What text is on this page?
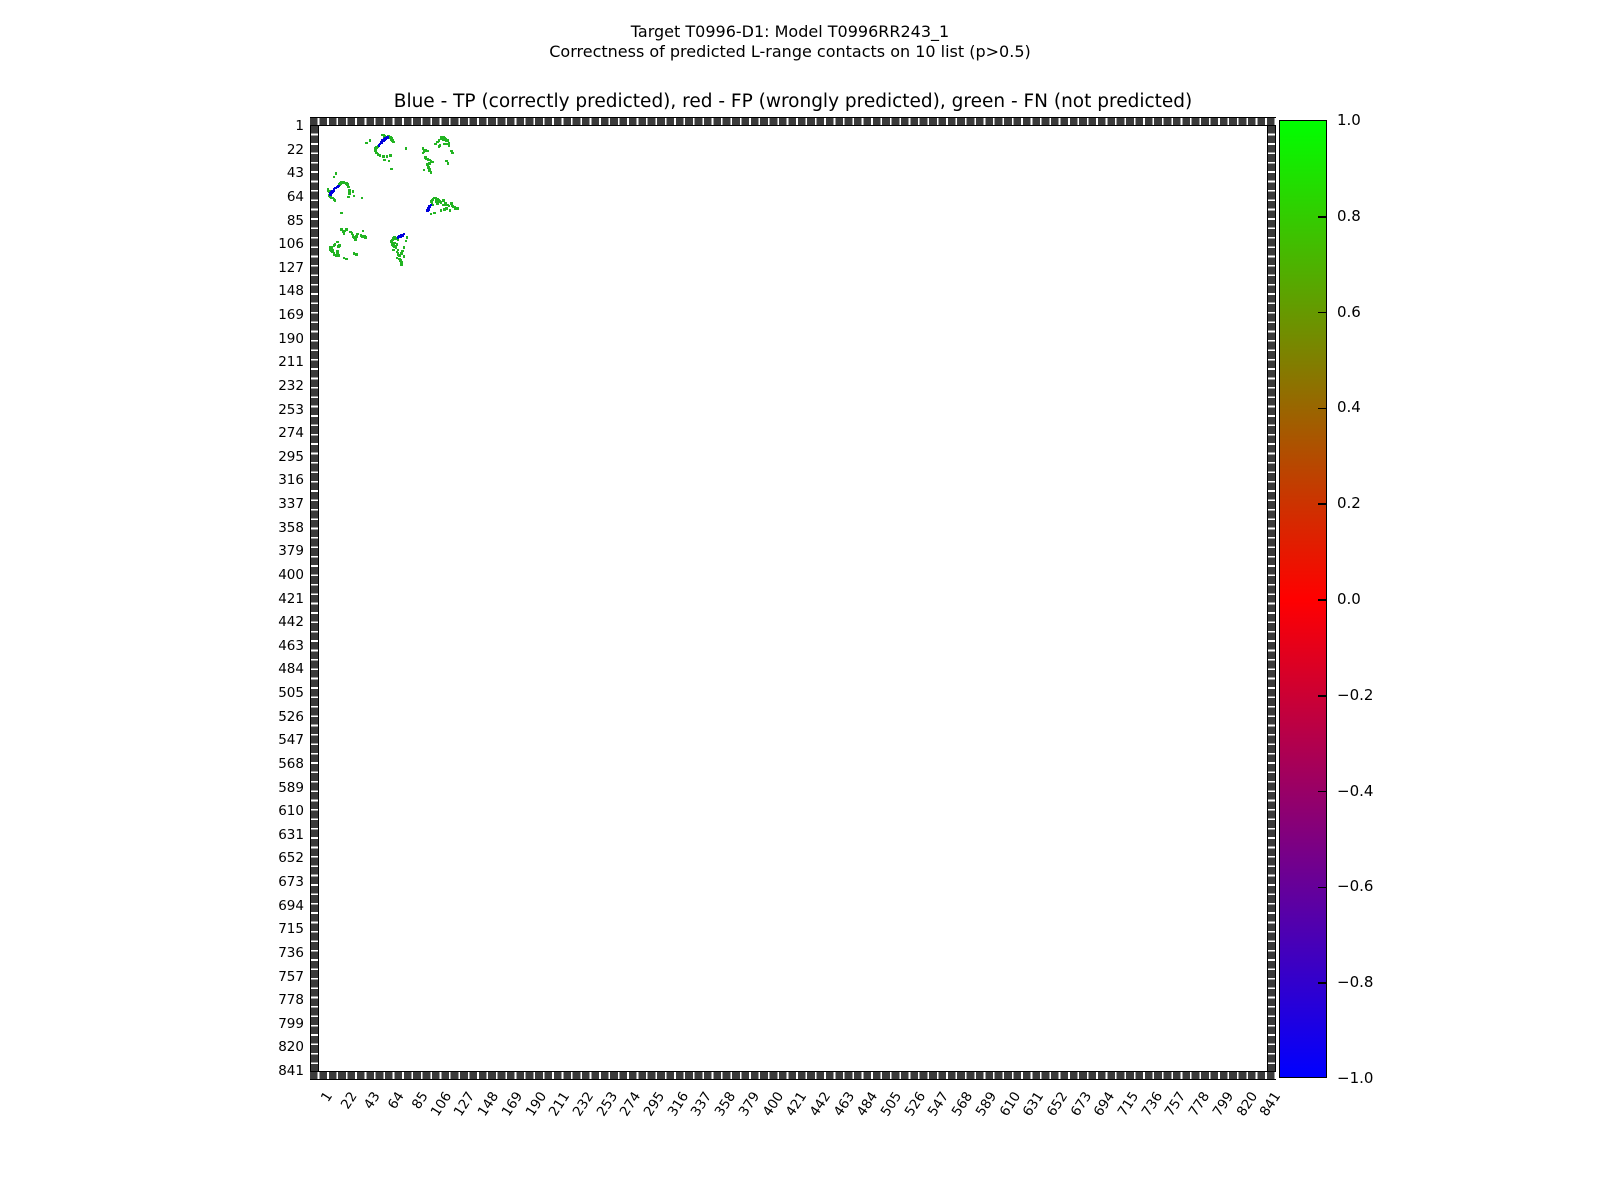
Target T0996-D1: Model T0996RR243_1
Correctness of predicted L-range contacts on 10 list (p>0.5)
Blue - TP (correctly predicted), red - FP (wrongly predicted), green - FN (not predicted)
1
22
43
64
85
106
127
148
169
190
211
232
253
274
295
316
337
358
379
400
421
442
463
484
505
526
547
568
589
610
631
652
673
694
715
736
757
778
799
820
841
1 22 43 64 85
106
127
148
169
190
211
232
253
274
295
316
337
358
379
400
421
442
463
484
505
526
547
568
589
610
631
652
673
694
715
736
757
778
799
820
841
1.0
0.8
0.6
0.4
0.2
0.0
−0.2
−0.4
−0.6
−0.8
−1.0
